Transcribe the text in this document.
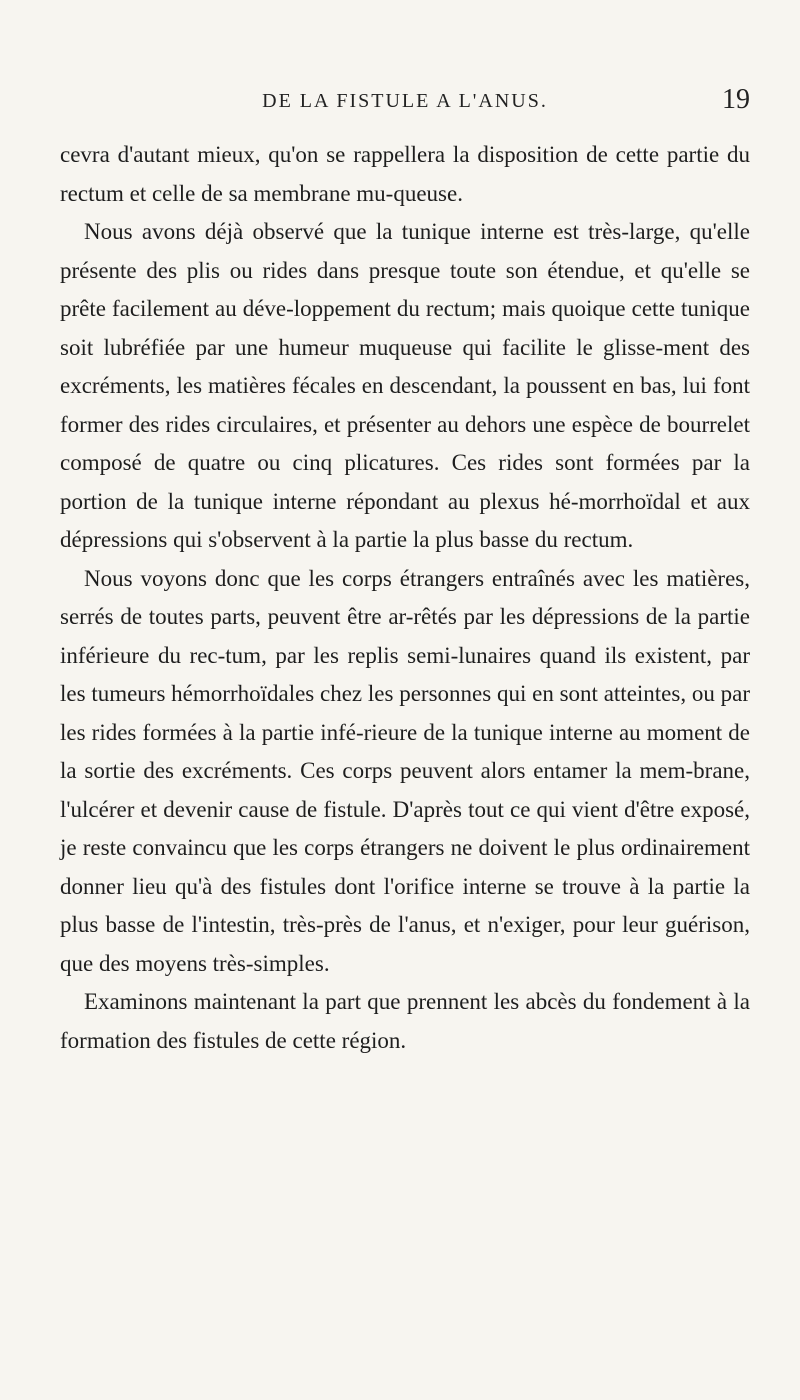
DE LA FISTULE A L'ANUS.	19

cevra d'autant mieux, qu'on se rappellera la disposition de cette partie du rectum et celle de sa membrane mu-queuse.

Nous avons déjà observé que la tunique interne est très-large, qu'elle présente des plis ou rides dans presque toute son étendue, et qu'elle se prête facilement au déve-loppement du rectum; mais quoique cette tunique soit lubréfiée par une humeur muqueuse qui facilite le glisse-ment des excréments, les matières fécales en descendant, la poussent en bas, lui font former des rides circulaires, et présenter au dehors une espèce de bourrelet composé de quatre ou cinq plicatures. Ces rides sont formées par la portion de la tunique interne répondant au plexus hé-morrhoïdal et aux dépressions qui s'observent à la partie la plus basse du rectum.

Nous voyons donc que les corps étrangers entraînés avec les matières, serrés de toutes parts, peuvent être ar-rêtés par les dépressions de la partie inférieure du rec-tum, par les replis semi-lunaires quand ils existent, par les tumeurs hémorrhoïdales chez les personnes qui en sont atteintes, ou par les rides formées à la partie infé-rieure de la tunique interne au moment de la sortie des excréments. Ces corps peuvent alors entamer la mem-brane, l'ulcérer et devenir cause de fistule. D'après tout ce qui vient d'être exposé, je reste convaincu que les corps étrangers ne doivent le plus ordinairement donner lieu qu'à des fistules dont l'orifice interne se trouve à la partie la plus basse de l'intestin, très-près de l'anus, et n'exiger, pour leur guérison, que des moyens très-simples.

Examinons maintenant la part que prennent les abcès du fondement à la formation des fistules de cette région.
